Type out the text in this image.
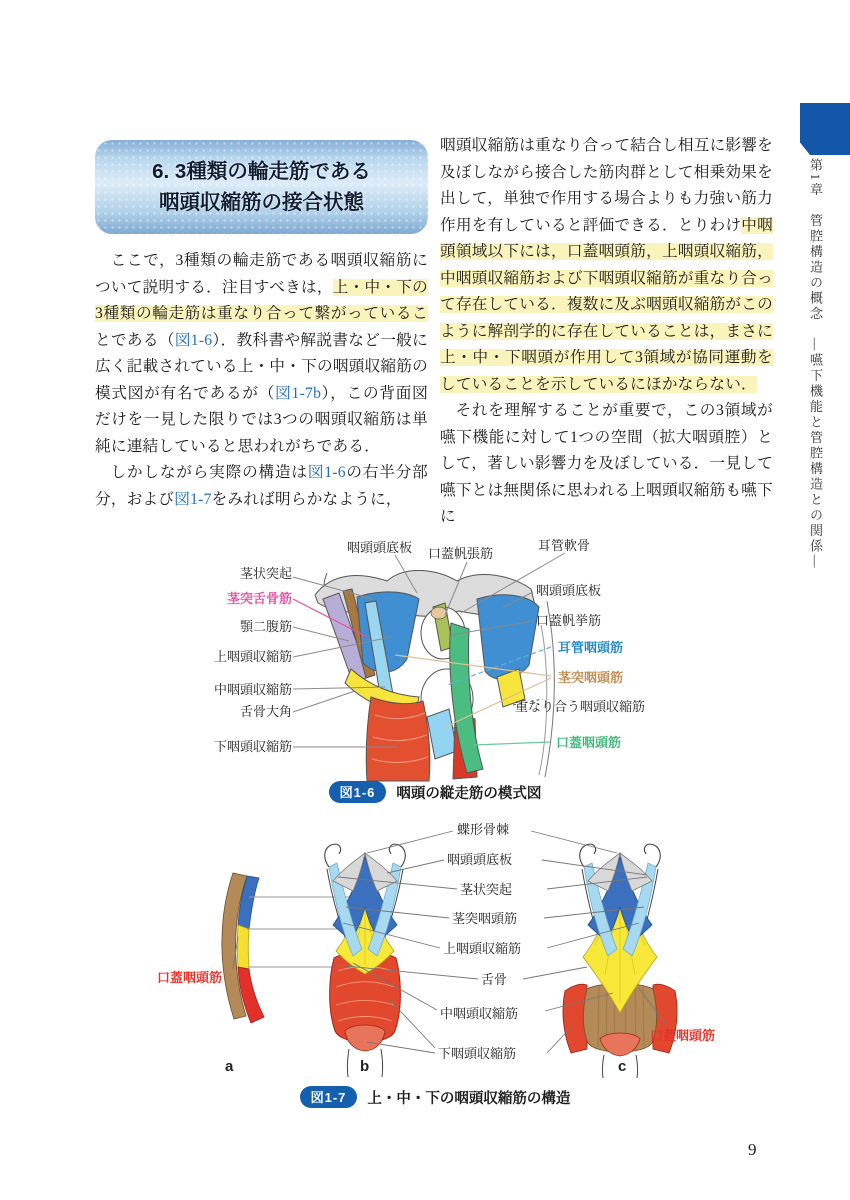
第1章　管腔構造の概念　―嚥下機能と管腔構造との関係―
6. 3種類の輪走筋である
咽頭収縮筋の接合状態

ここで，3種類の輪走筋である咽頭収縮筋について説明する．注目すべきは，上・中・下の3種類の輪走筋は重なり合って繋がっていることである（図1-6）．教科書や解説書など一般に広く記載されている上・中・下の咽頭収縮筋の模式図が有名であるが（図1-7b），この背面図だけを一見した限りでは3つの咽頭収縮筋は単純に連結していると思われがちである．

しかしながら実際の構造は図1-6の右半分部分，および図1-7をみれば明らかなように，

咽頭収縮筋は重なり合って結合し相互に影響を及ぼしながら接合した筋肉群として相乗効果を出して，単独で作用する場合よりも力強い筋力作用を有していると評価できる．とりわけ中咽頭領域以下には，口蓋咽頭筋，上咽頭収縮筋，中咽頭収縮筋および下咽頭収縮筋が重なり合って存在している．複数に及ぶ咽頭収縮筋がこのように解剖学的に存在していることは，まさに上・中・下咽頭が作用して3領域が協同運動をしていることを示しているにほかならない．

それを理解することが重要で，この3領域が嚥下機能に対して1つの空間（拡大咽頭腔）として，著しい影響力を及ぼしている．一見して嚥下とは無関係に思われる上咽頭収縮筋も嚥下に

咽頭頭底板 口蓋帆張筋
耳管軟骨
茎状突起
茎突舌骨筋
顎二腹筋
上咽頭収縮筋
中咽頭収縮筋
舌骨大角
下咽頭収縮筋
咽頭頭底板
口蓋帆挙筋
耳管咽頭筋
茎突咽頭筋
重なり合う咽頭収縮筋
口蓋咽頭筋
図1-6	咽頭の縦走筋の模式図
蝶形骨棘
咽頭頭底板
茎状突起
茎突咽頭筋
上咽頭収縮筋
舌骨
中咽頭収縮筋
下咽頭収縮筋
口蓋咽頭筋
口蓋咽頭筋
a	b	c
図1-7	上・中・下の咽頭収縮筋の構造
9
